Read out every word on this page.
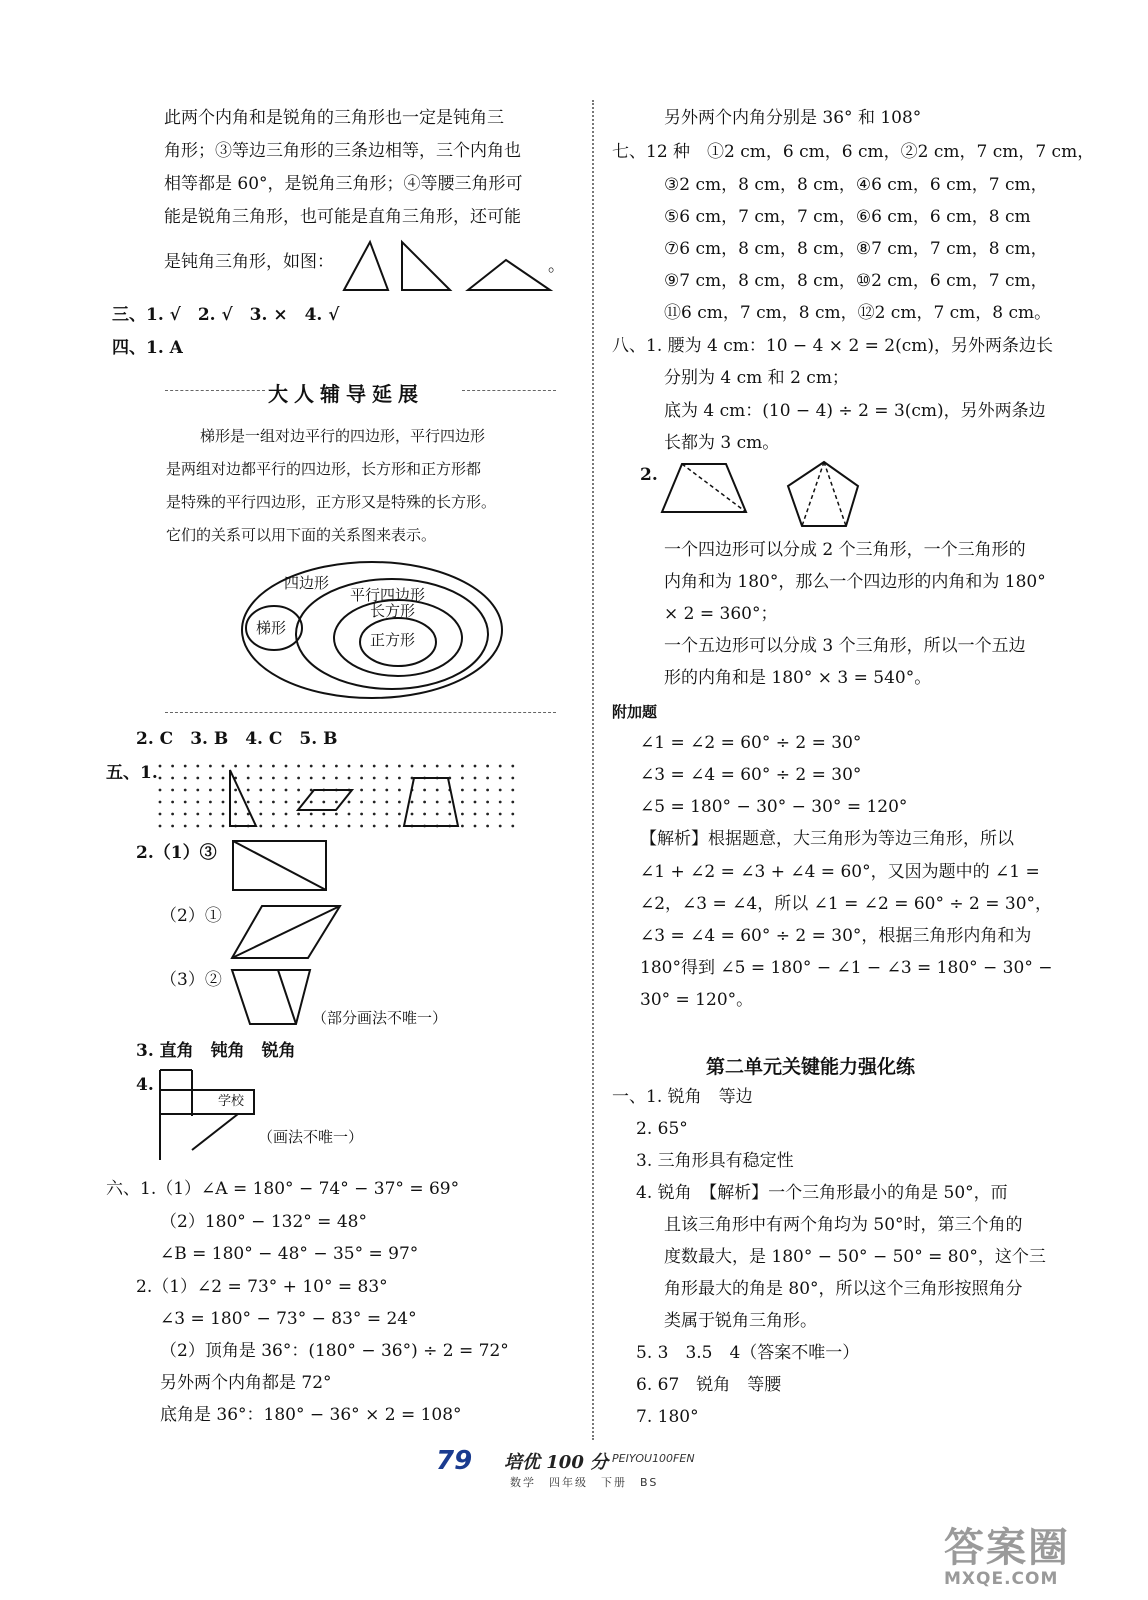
此两个内角和是锐角的三角形也一定是钝角三
角形；③等边三角形的三条边相等，三个内角也
相等都是 60°，是锐角三角形；④等腰三角形可
能是锐角三角形，也可能是直角三角形，还可能
是钝角三角形，如图：	。
三、1. √　2. √　3. ×　4. √
四、1. A
大人辅导延展
梯形是一组对边平行的四边形，平行四边形
是两组对边都平行的四边形，长方形和正方形都
是特殊的平行四边形，正方形又是特殊的长方形。
它们的关系可以用下面的关系图来表示。
四边形
梯形
平行四边形
长方形
正方形
2. C　3. B　4. C　5. B
五、1.
2.（1）③
（2）①
（3）②
（部分画法不唯一）
3. 直角　钝角　锐角
4.
学校
（画法不唯一）
六、1.（1）∠A = 180° − 74° − 37° = 69°
（2）180° − 132° = 48°
∠B = 180° − 48° − 35° = 97°
2.（1）∠2 = 73° + 10° = 83°
∠3 = 180° − 73° − 83° = 24°
（2）顶角是 36°：(180° − 36°) ÷ 2 = 72°
另外两个内角都是 72°
底角是 36°：180° − 36° × 2 = 108°
另外两个内角分别是 36° 和 108°
七、12 种　①2 cm，6 cm，6 cm，②2 cm，7 cm，7 cm，
③2 cm，8 cm，8 cm，④6 cm，6 cm，7 cm，
⑤6 cm，7 cm，7 cm，⑥6 cm，6 cm，8 cm
⑦6 cm，8 cm，8 cm，⑧7 cm，7 cm，8 cm，
⑨7 cm，8 cm，8 cm，⑩2 cm，6 cm，7 cm，
⑪6 cm，7 cm，8 cm，⑫2 cm，7 cm，8 cm。
八、1. 腰为 4 cm：10 − 4 × 2 = 2(cm)，另外两条边长
分别为 4 cm 和 2 cm；
底为 4 cm：(10 − 4) ÷ 2 = 3(cm)，另外两条边
长都为 3 cm。
2.
一个四边形可以分成 2 个三角形，一个三角形的
内角和为 180°，那么一个四边形的内角和为 180°
× 2 = 360°；
一个五边形可以分成 3 个三角形，所以一个五边
形的内角和是 180° × 3 = 540°。
附加题
∠1 = ∠2 = 60° ÷ 2 = 30°
∠3 = ∠4 = 60° ÷ 2 = 30°
∠5 = 180° − 30° − 30° = 120°
【解析】根据题意，大三角形为等边三角形，所以
∠1 + ∠2 = ∠3 + ∠4 = 60°，又因为题中的 ∠1 =
∠2，∠3 = ∠4，所以 ∠1 = ∠2 = 60° ÷ 2 = 30°，
∠3 = ∠4 = 60° ÷ 2 = 30°，根据三角形内角和为
180°得到 ∠5 = 180° − ∠1 − ∠3 = 180° − 30° −
30° = 120°。
第二单元关键能力强化练
一、1. 锐角　等边
2. 65°
3. 三角形具有稳定性
4. 锐角　【解析】一个三角形最小的角是 50°，而
且该三角形中有两个角均为 50°时，第三个角的
度数最大，是 180° − 50° − 50° = 80°，这个三
角形最大的角是 80°，所以这个三角形按照角分
类属于锐角三角形。
5. 3　3.5　4（答案不唯一）
6. 67　锐角　等腰
7. 180°
79 培优 100 分 PEIYOU100FEN
数学　四年级　下册　BS
答案圈
MXQE.COM
